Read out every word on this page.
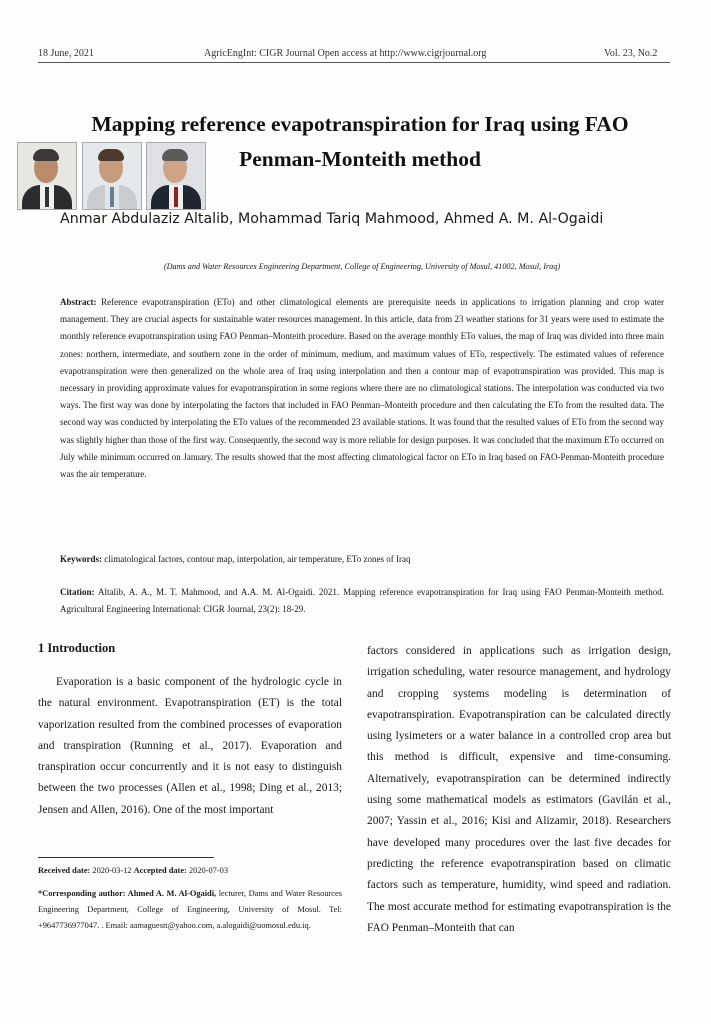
18 June, 2021	AgricEngInt: CIGR Journal Open access at http://www.cigrjournal.org	Vol. 23, No.2
Mapping reference evapotranspiration for Iraq using FAO
Penman-Monteith method
Anmar Abdulaziz Altalib, Mohammad Tariq Mahmood, Ahmed A. M. Al-Ogaidi
(Dams and Water Resources Engineering Department, College of Engineering, University of Mosul, 41002, Mosul, Iraq)
Abstract: Reference evapotranspiration (ETo) and other climatological elements are prerequisite needs in applications to irrigation planning and crop water management. They are crucial aspects for sustainable water resources management. In this article, data from 23 weather stations for 31 years were used to estimate the monthly reference evapotranspiration using FAO Penman–Monteith procedure. Based on the average monthly ETo values, the map of Iraq was divided into three main zones: northern, intermediate, and southern zone in the order of minimum, medium, and maximum values of ETo, respectively. The estimated values of reference evapotranspiration were then generalized on the whole area of Iraq using interpolation and then a contour map of evapotranspiration was provided. This map is necessary in providing approximate values for evapotranspiration in some regions where there are no climatological stations. The interpolation was conducted via two ways. The first way was done by interpolating the factors that included in FAO Penman–Monteith procedure and then calculating the ETo from the resulted data. The second way was conducted by interpolating the ETo values of the recommended 23 available stations. It was found that the resulted values of ETo from the second way was slightly higher than those of the first way. Consequently, the second way is more reliable for design purposes. It was concluded that the maximum ETo occurred on July while minimum occurred on January. The results showed that the most affecting climatological factor on ETo in Iraq based on FAO-Penman-Monteith procedure was the air temperature.
Keywords: climatological factors, contour map, interpolation, air temperature, ETo zones of Iraq
Citation: Altalib, A. A., M. T. Mahmood, and A.A. M. Al-Ogaidi. 2021. Mapping reference evapotranspiration for Iraq using FAO Penman-Monteith method. Agricultural Engineering International: CIGR Journal, 23(2): 18-29.
1 Introduction
Evaporation is a basic component of the hydrologic cycle in the natural environment. Evapotranspiration (ET) is the total vaporization resulted from the combined processes of evaporation and transpiration (Running et al., 2017). Evaporation and transpiration occur concurrently and it is not easy to distinguish between the two processes (Allen et al., 1998; Ding et al., 2013; Jensen and Allen, 2016). One of the most important
factors considered in applications such as irrigation design, irrigation scheduling, water resource management, and hydrology and cropping systems modeling is determination of evapotranspiration. Evapotranspiration can be calculated directly using lysimeters or a water balance in a controlled crop area but this method is difficult, expensive and time-consuming. Alternatively, evapotranspiration can be determined indirectly using some mathematical models as estimators (Gavilán et al., 2007; Yassin et al., 2016; Kisi and Alizamir, 2018). Researchers have developed many procedures over the last five decades for predicting the reference evapotranspiration based on climatic factors such as temperature, humidity, wind speed and radiation. The most accurate method for estimating evapotranspiration is the FAO Penman–Monteith that can
Received date: 2020-03-12 Accepted date: 2020-07-03
*Corresponding author: Ahmed A. M. Al-Ogaidi, lecturer, Dams and Water Resources Engineering Department, College of Engineering, University of Mosul. Tel: +9647736977047. . Email: aamaguestt@yahoo.com, a.alogaidi@uomosul.edu.iq.
